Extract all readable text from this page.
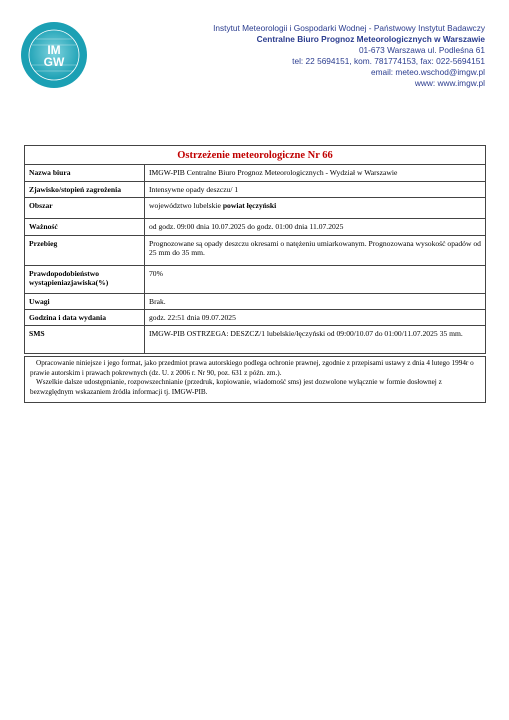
IM
GW
Instytut Meteorologii i Gospodarki Wodnej - Państwowy Instytut Badawczy
Centralne Biuro Prognoz Meteorologicznych w Warszawie
01-673 Warszawa ul. Podleśna 61
tel: 22 5694151, kom. 781774153, fax: 022-5694151
email: meteo.wschod@imgw.pl
www: www.imgw.pl
Ostrzeżenie meteorologiczne Nr 66	
Nazwa biura	IMGW-PIB Centralne Biuro Prognoz Meteorologicznych - Wydział w Warszawie
Zjawisko/stopień zagrożenia	Intensywne opady deszczu/ 1
Obszar	województwo lubelskie powiat łęczyński
Ważność	od godz. 09:00 dnia 10.07.2025 do godz. 01:00 dnia 11.07.2025
Przebieg	Prognozowane są opady deszczu okresami o natężeniu umiarkowanym. Prognozowana wysokość opadów od 25 mm do 35 mm.
Prawdopodobieństwo wystąpieniazjawiska(%)	70%
Uwagi	Brak.
Godzina i data wydania	godz. 22:51 dnia 09.07.2025
SMS	IMGW-PIB OSTRZEGA: DESZCZ/1 lubelskie/łęczyński od 09:00/10.07 do 01:00/11.07.2025 35 mm.

Opracowanie niniejsze i jego format, jako przedmiot prawa autorskiego podlega ochronie prawnej, zgodnie z przepisami ustawy z dnia 4 lutego 1994r o prawie autorskim i prawach pokrewnych (dz. U. z 2006 r. Nr 90, poz. 631 z późn. zm.).

Wszelkie dalsze udostępnianie, rozpowszechnianie (przedruk, kopiowanie, wiadomość sms) jest dozwolone wyłącznie w formie dosłownej z bezwzględnym wskazaniem źródła informacji tj. IMGW-PIB.
